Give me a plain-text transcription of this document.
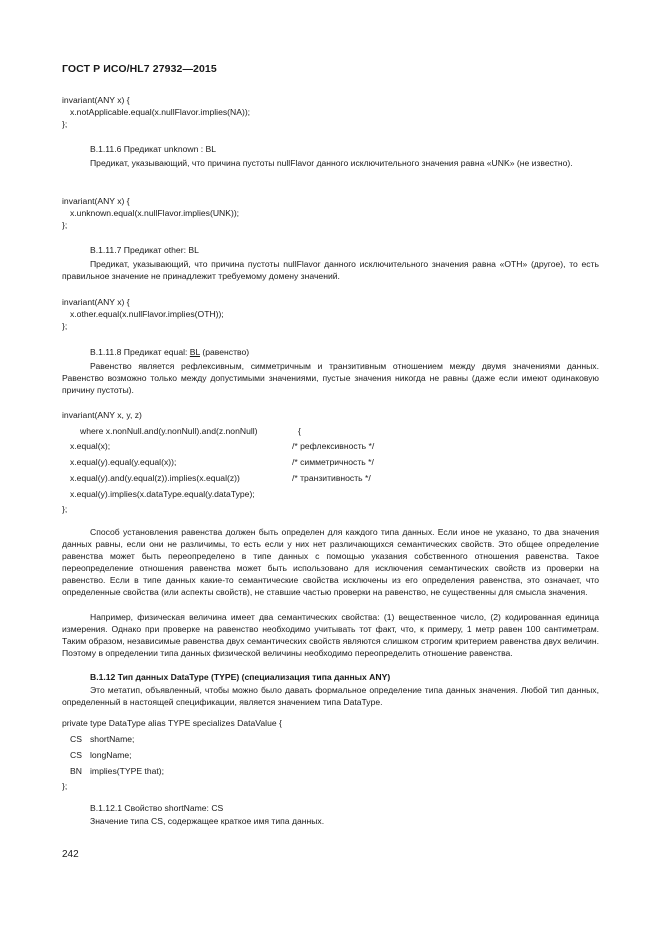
ГОСТ Р ИСО/HL7 27932—2015
invariant(ANY x) {
x.notApplicable.equal(x.nullFlavor.implies(NA));
};
B.1.11.6 Предикат unknown : BL
Предикат, указывающий, что причина пустоты nullFlavor данного исключительного значения равна «UNK» (не известно).
invariant(ANY x) {
x.unknown.equal(x.nullFlavor.implies(UNK));
};
B.1.11.7 Предикат other: BL
Предикат, указывающий, что причина пустоты nullFlavor данного исключительного значения равна «OTH» (другое), то есть правильное значение не принадлежит требуемому домену значений.
invariant(ANY x) {
x.other.equal(x.nullFlavor.implies(OTH));
};
B.1.11.8 Предикат equal: BL (равенство)
Равенство является рефлексивным, симметричным и транзитивным отношением между двумя значениями данных. Равенство возможно только между допустимыми значениями, пустые значения никогда не равны (даже если имеют одинаковую причину пустоты).
invariant(ANY x, y, z)
where x.nonNull.and(y.nonNull).and(z.nonNull)	{
x.equal(x);	/* рефлексивность */
x.equal(y).equal(y.equal(x));	/* симметричность */
x.equal(y).and(y.equal(z)).implies(x.equal(z))	/* транзитивность */
x.equal(y).implies(x.dataType.equal(y.dataType);
};
Способ установления равенства должен быть определен для каждого типа данных. Если иное не указано, то два значения данных равны, если они не различимы, то есть если у них нет различающихся семантических свойств. Это общее определение равенства может быть переопределено в типе данных с помощью указания собственного отношения равенства. Такое переопределение отношения равенства может быть использовано для исключения семантических свойств из проверки на равенство. Если в типе данных какие-то семантические свойства исключены из его определения равенства, это означает, что определенные свойства (или аспекты свойств), не ставшие частью проверки на равенство, не существенны для смысла значения.
Например, физическая величина имеет два семантических свойства: (1) вещественное число, (2) кодированная единица измерения. Однако при проверке на равенство необходимо учитывать тот факт, что, к примеру, 1 метр равен 100 сантиметрам. Таким образом, независимые равенства двух семантических свойств являются слишком строгим критерием равенства двух величин. Поэтому в определении типа данных физической величины необходимо переопределить отношение равенства.
B.1.12 Тип данных DataType (TYPE) (специализация типа данных ANY)
Это метатип, объявленный, чтобы можно было давать формальное определение типа данных значения. Любой тип данных, определенный в настоящей спецификации, является значением типа DataType.
private type DataType alias TYPE specializes DataValue {
CS shortName;
CS longName;
BN implies(TYPE that);
};
B.1.12.1 Свойство shortName: CS
Значение типа CS, содержащее краткое имя типа данных.
242
